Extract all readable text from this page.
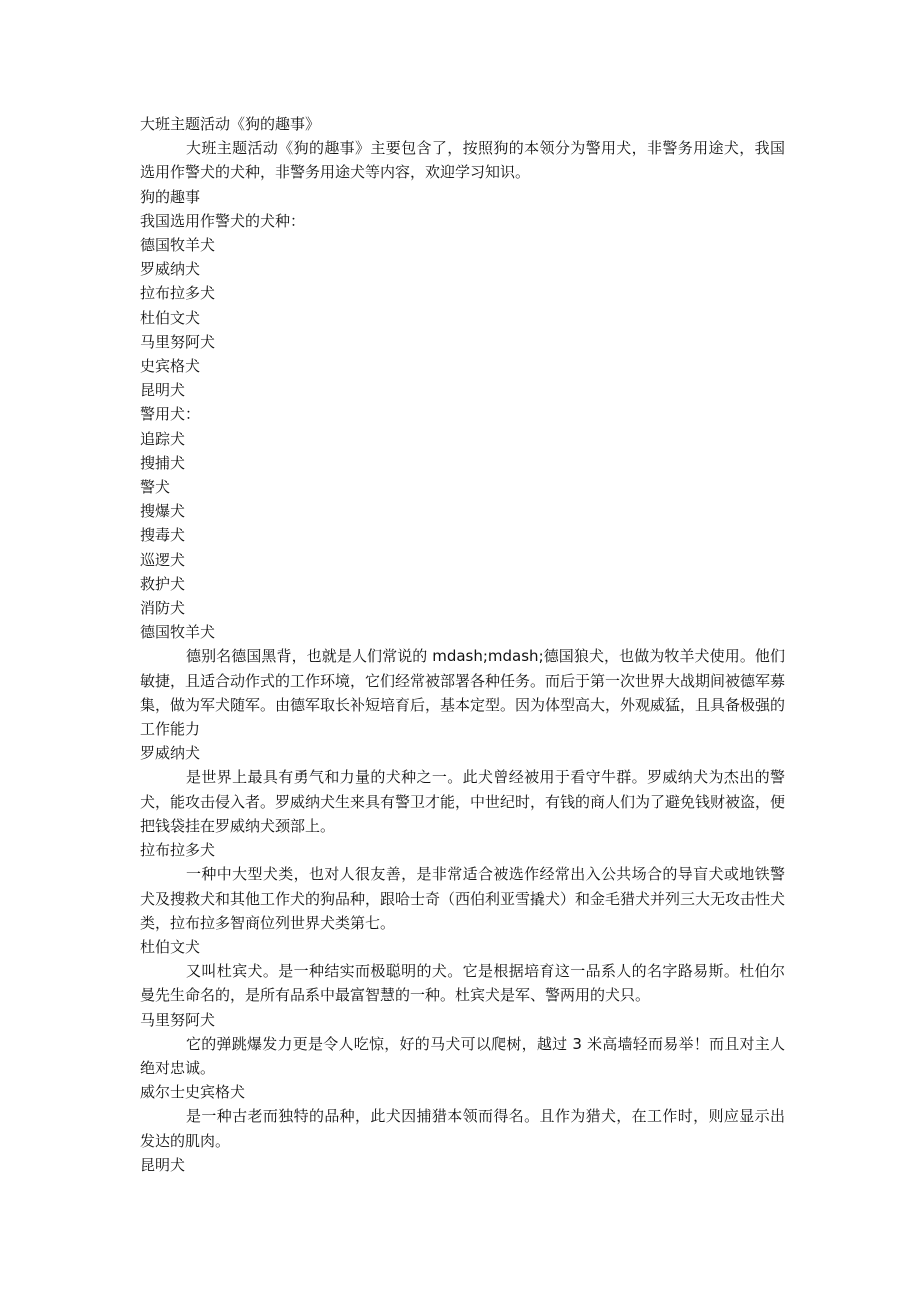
大班主题活动《狗的趣事》

大班主题活动《狗的趣事》主要包含了，按照狗的本领分为警用犬，非警务用途犬，我国选用作警犬的犬种，非警务用途犬等内容，欢迎学习知识。

狗的趣事

我国选用作警犬的犬种：

德国牧羊犬

罗威纳犬

拉布拉多犬

杜伯文犬

马里努阿犬

史宾格犬

昆明犬

警用犬：

追踪犬

搜捕犬

警犬

搜爆犬

搜毒犬

巡逻犬

救护犬

消防犬

德国牧羊犬

德别名德国黑背，也就是人们常说的 mdash;mdash;德国狼犬，也做为牧羊犬使用。他们敏捷，且适合动作式的工作环境，它们经常被部署各种任务。而后于第一次世界大战期间被德军募集，做为军犬随军。由德军取长补短培育后，基本定型。因为体型高大，外观威猛，且具备极强的工作能力

罗威纳犬

是世界上最具有勇气和力量的犬种之一。此犬曾经被用于看守牛群。罗威纳犬为杰出的警犬，能攻击侵入者。罗威纳犬生来具有警卫才能，中世纪时，有钱的商人们为了避免钱财被盗，便把钱袋挂在罗威纳犬颈部上。

拉布拉多犬

一种中大型犬类，也对人很友善，是非常适合被选作经常出入公共场合的导盲犬或地铁警犬及搜救犬和其他工作犬的狗品种，跟哈士奇（西伯利亚雪撬犬）和金毛猎犬并列三大无攻击性犬类，拉布拉多智商位列世界犬类第七。

杜伯文犬

又叫杜宾犬。是一种结实而极聪明的犬。它是根据培育这一品系人的名字路易斯。杜伯尔曼先生命名的，是所有品系中最富智慧的一种。杜宾犬是军、警两用的犬只。

马里努阿犬

它的弹跳爆发力更是令人吃惊，好的马犬可以爬树，越过 3 米高墙轻而易举！而且对主人绝对忠诚。

威尔士史宾格犬

是一种古老而独特的品种，此犬因捕猎本领而得名。且作为猎犬，在工作时，则应显示出发达的肌肉。

昆明犬
